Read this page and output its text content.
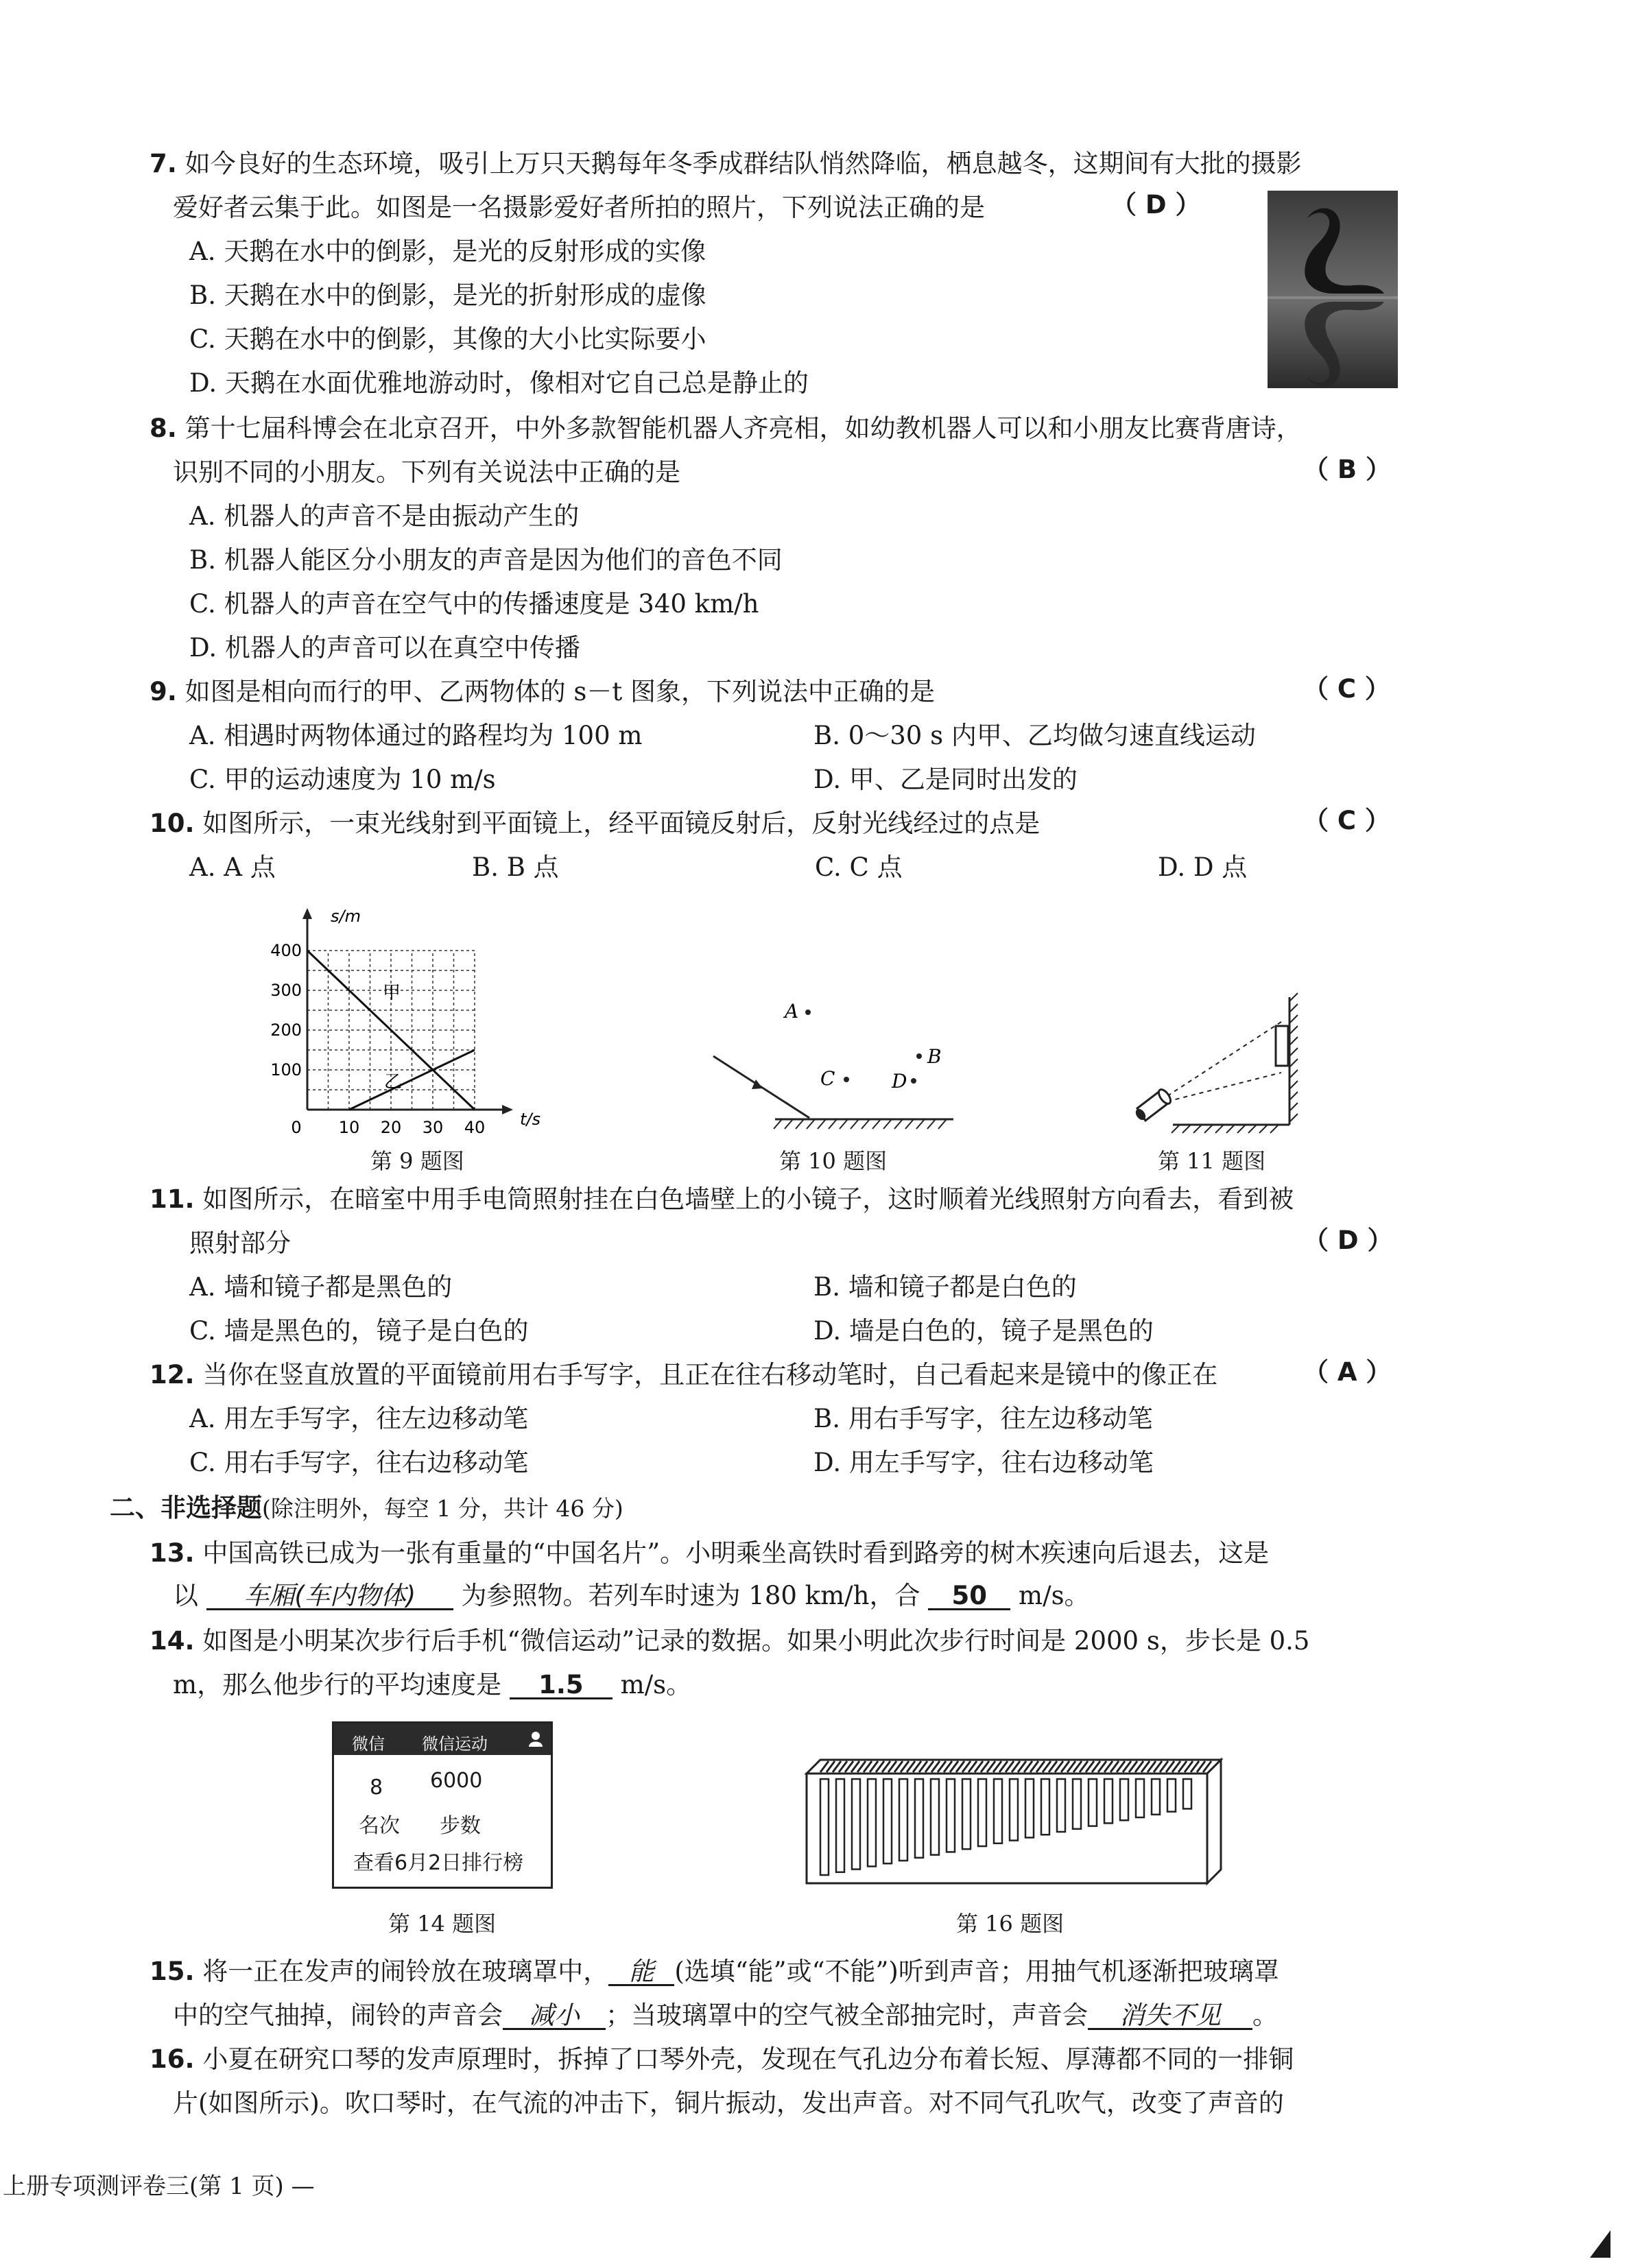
7. 如今良好的生态环境，吸引上万只天鹅每年冬季成群结队悄然降临，栖息越冬，这期间有大批的摄影
爱好者云集于此。如图是一名摄影爱好者所拍的照片，下列说法正确的是	（ D ）
A. 天鹅在水中的倒影，是光的反射形成的实像
B. 天鹅在水中的倒影，是光的折射形成的虚像
C. 天鹅在水中的倒影，其像的大小比实际要小
D. 天鹅在水面优雅地游动时，像相对它自己总是静止的
8. 第十七届科博会在北京召开，中外多款智能机器人齐亮相，如幼教机器人可以和小朋友比赛背唐诗，
识别不同的小朋友。下列有关说法中正确的是	（ B ）
A. 机器人的声音不是由振动产生的
B. 机器人能区分小朋友的声音是因为他们的音色不同
C. 机器人的声音在空气中的传播速度是 340 km/h
D. 机器人的声音可以在真空中传播
9. 如图是相向而行的甲、乙两物体的 s－t 图象，下列说法中正确的是	（ C ）
A. 相遇时两物体通过的路程均为 100 m	B. 0～30 s 内甲、乙均做匀速直线运动
C. 甲的运动速度为 10 m/s	D. 甲、乙是同时出发的
10. 如图所示，一束光线射到平面镜上，经平面镜反射后，反射光线经过的点是	（ C ）
A. A 点	B. B 点	C. C 点	D. D 点
400
300
200
100
0 10 20 30 40
s/m
t/s
甲
乙
第 9 题图
A
C
B
D
第 10 题图	第 11 题图
11. 如图所示，在暗室中用手电筒照射挂在白色墙壁上的小镜子，这时顺着光线照射方向看去，看到被
照射部分	（ D ）
A. 墙和镜子都是黑色的	B. 墙和镜子都是白色的
C. 墙是黑色的，镜子是白色的	D. 墙是白色的，镜子是黑色的
12. 当你在竖直放置的平面镜前用右手写字，且正在往右移动笔时，自己看起来是镜中的像正在	（ A ）
A. 用左手写字，往左边移动笔	B. 用右手写字，往左边移动笔
C. 用右手写字，往右边移动笔	D. 用左手写字，往右边移动笔
二、非选择题(除注明外，每空 1 分，共计 46 分)
13. 中国高铁已成为一张有重量的“中国名片”。小明乘坐高铁时看到路旁的树木疾速向后退去，这是
以 车厢(车内物体) 为参照物。若列车时速为 180 km/h，合 50 m/s。
14. 如图是小明某次步行后手机“微信运动”记录的数据。如果小明此次步行时间是 2000 s，步长是 0.5
m，那么他步行的平均速度是 1.5 m/s。
微信 微信运动
8 6000
名次 步数
查看6月2日排行榜
第 14 题图	第 16 题图
15. 将一正在发声的闹铃放在玻璃罩中， 能 (选填“能”或“不能”)听到声音；用抽气机逐渐把玻璃罩
中的空气抽掉，闹铃的声音会 减小 ；当玻璃罩中的空气被全部抽完时，声音会 消失不见 。
16. 小夏在研究口琴的发声原理时，拆掉了口琴外壳，发现在气孔边分布着长短、厚薄都不同的一排铜
片(如图所示)。吹口琴时，在气流的冲击下，铜片振动，发出声音。对不同气孔吹气，改变了声音的
上册专项测评卷三(第 1 页) —
